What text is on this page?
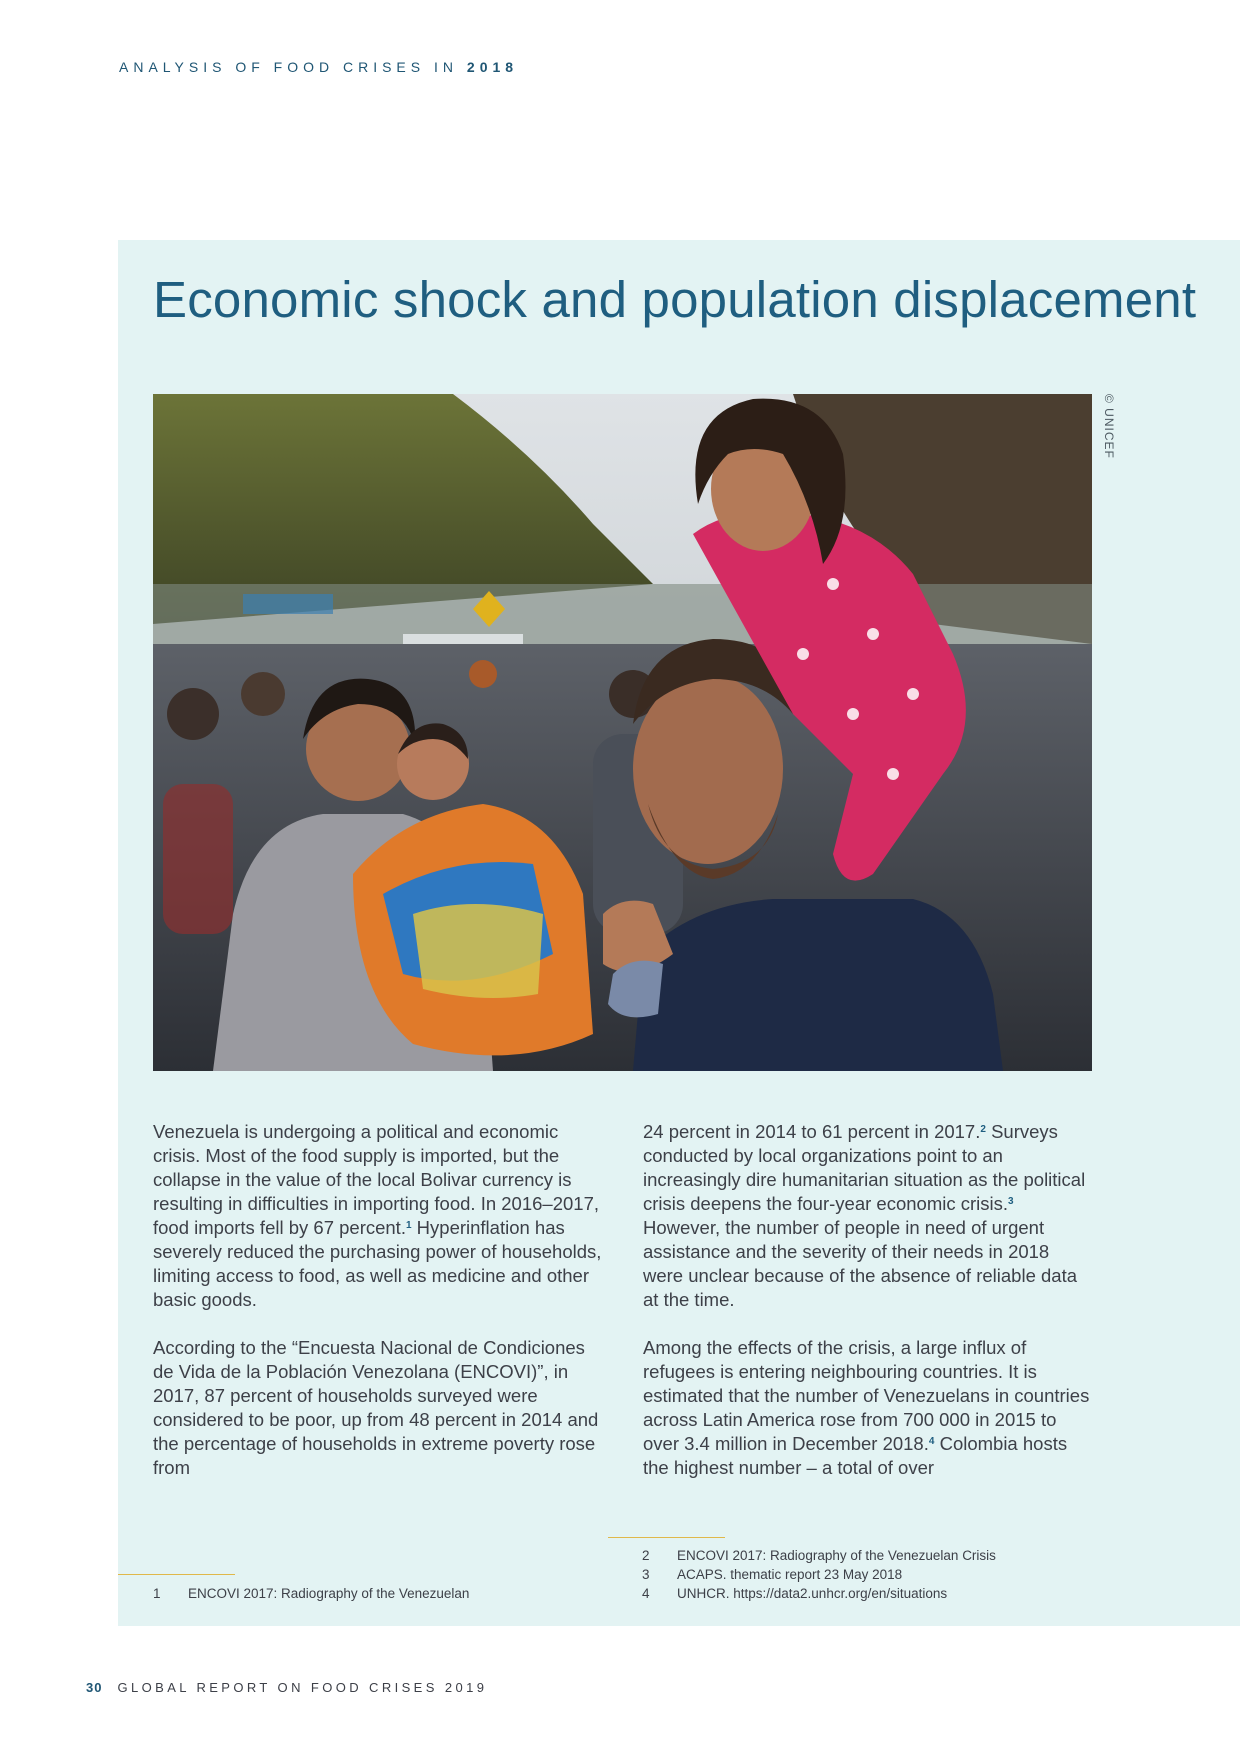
ANALYSIS OF FOOD CRISES IN 2018
Economic shock and population displacement
© UNICEF

Venezuela is undergoing a political and economic crisis. Most of the food supply is imported, but the collapse in the value of the local Bolivar currency is resulting in difficulties in importing food. In 2016–2017, food imports fell by 67 percent.$^1$ Hyperinflation has severely reduced the purchasing power of households, limiting access to food, as well as medicine and other basic goods.

According to the “Encuesta Nacional de Condiciones de Vida de la Población Venezolana (ENCOVI)”, in 2017, 87 percent of households surveyed were considered to be poor, up from 48 percent in 2014 and the percentage of households in extreme poverty rose from

24 percent in 2014 to 61 percent in 2017.$^2$ Surveys conducted by local organizations point to an increasingly dire humanitarian situation as the political crisis deepens the four-year economic crisis.$^3$ However, the number of people in need of urgent assistance and the severity of their needs in 2018 were unclear because of the absence of reliable data at the time.

Among the effects of the crisis, a large influx of refugees is entering neighbouring countries. It is estimated that the number of Venezuelans in countries across Latin America rose from 700 000 in 2015 to over 3.4 million in December 2018.$^4$ Colombia hosts the highest number – a total of over

1	ENCOVI 2017: Radiography of the Venezuelan
2	ENCOVI 2017: Radiography of the Venezuelan Crisis
3	ACAPS. thematic report 23 May 2018
4	UNHCR. https://data2.unhcr.org/en/situations
30 GLOBAL REPORT ON FOOD CRISES 2019
